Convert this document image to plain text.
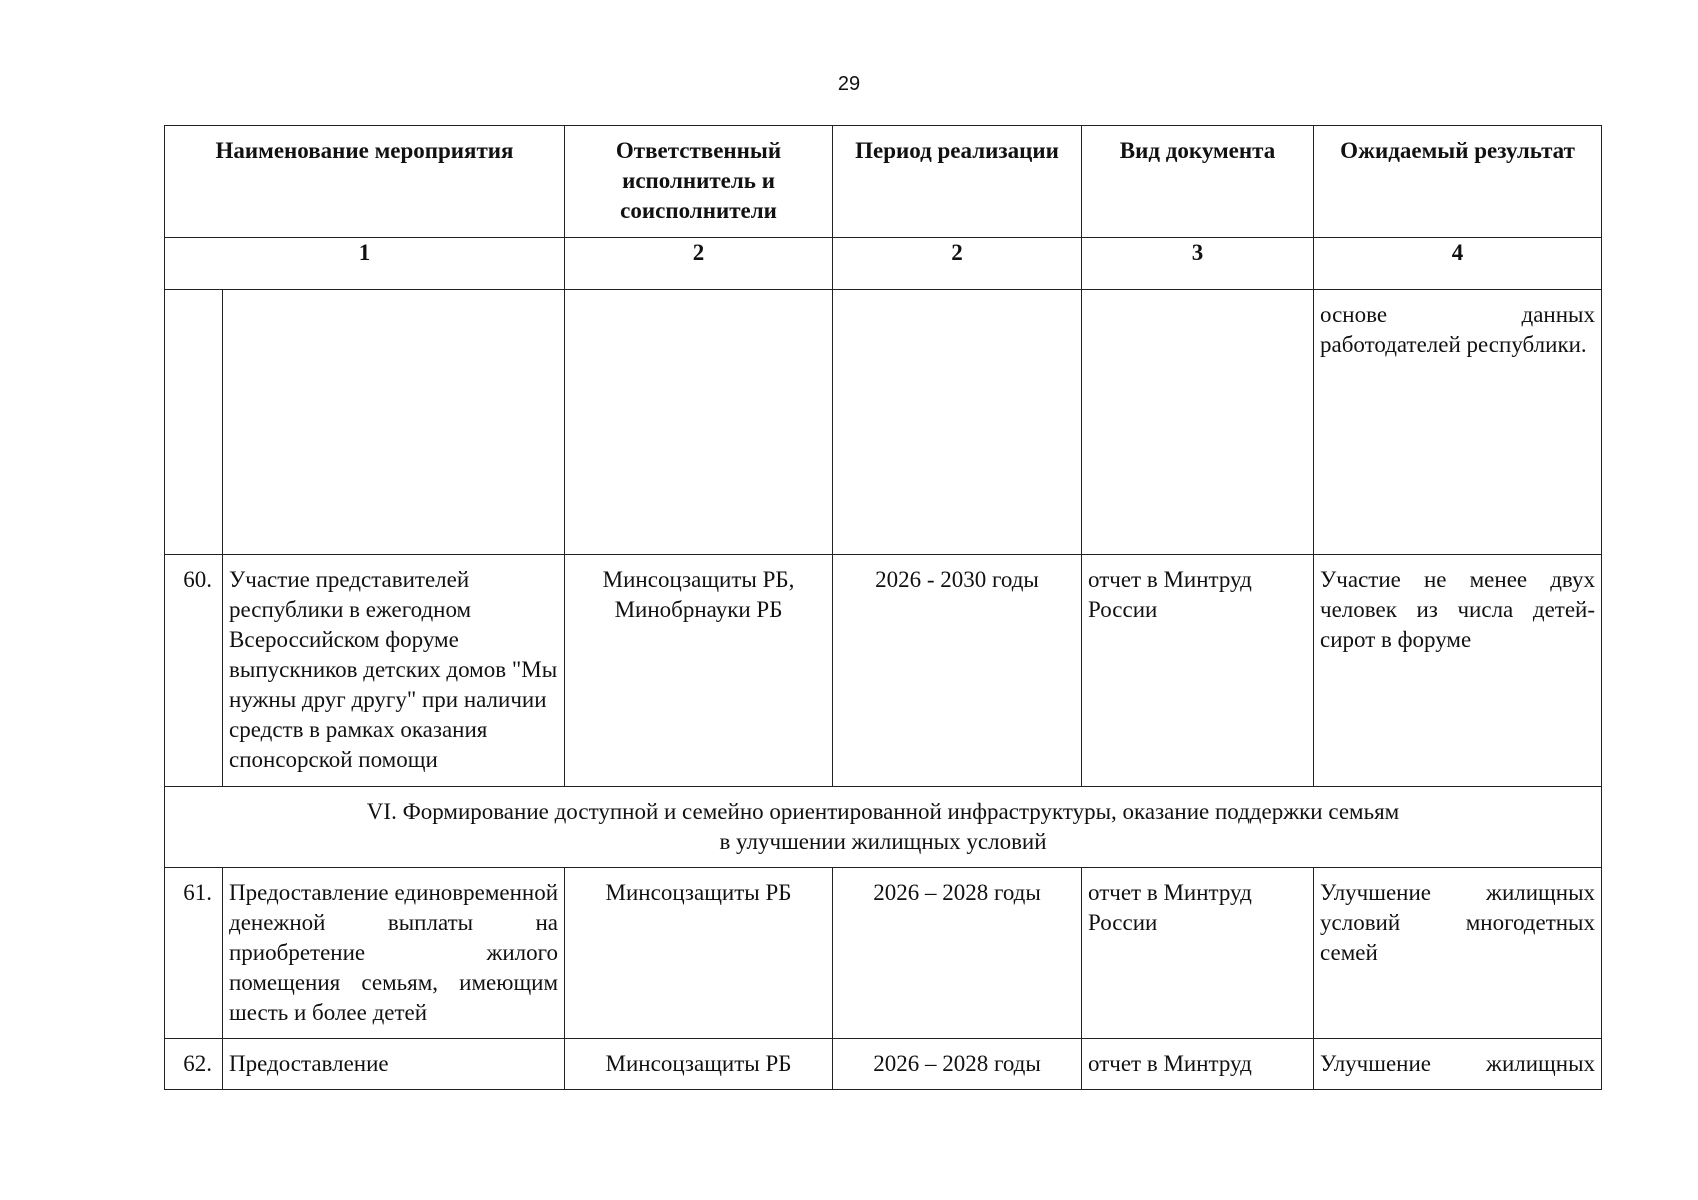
29
Наименование мероприятия		Ответственный исполнитель и соисполнители	Период реализации	Вид документа	Ожидаемый результат
1		2	2	3	4
					основе данных работодателей республики.
60.	Участие представителей республики в ежегодном Всероссийском форуме выпускников детских домов "Мы нужны друг другу" при наличии средств в рамках оказания спонсорской помощи	Минсоцзащиты РБ, Минобрнауки РБ	2026 - 2030 годы	отчет в Минтруд России	Участие не менее двух человек из числа детей-сирот в форуме

VI. Формирование доступной и семейно ориентированной инфраструктуры, оказание поддержки семьям
в улучшении жилищных условий					

61.	Предоставление единовременной денежной выплаты на приобретение жилого помещения семьям, имеющим шесть и более детей	Минсоцзащиты РБ	2026 – 2028 годы	отчет в Минтруд России	Улучшение жилищных условий многодетных семей
62.	Предоставление	Минсоцзащиты РБ	2026 – 2028 годы	отчет в Минтруд	Улучшение жилищных
